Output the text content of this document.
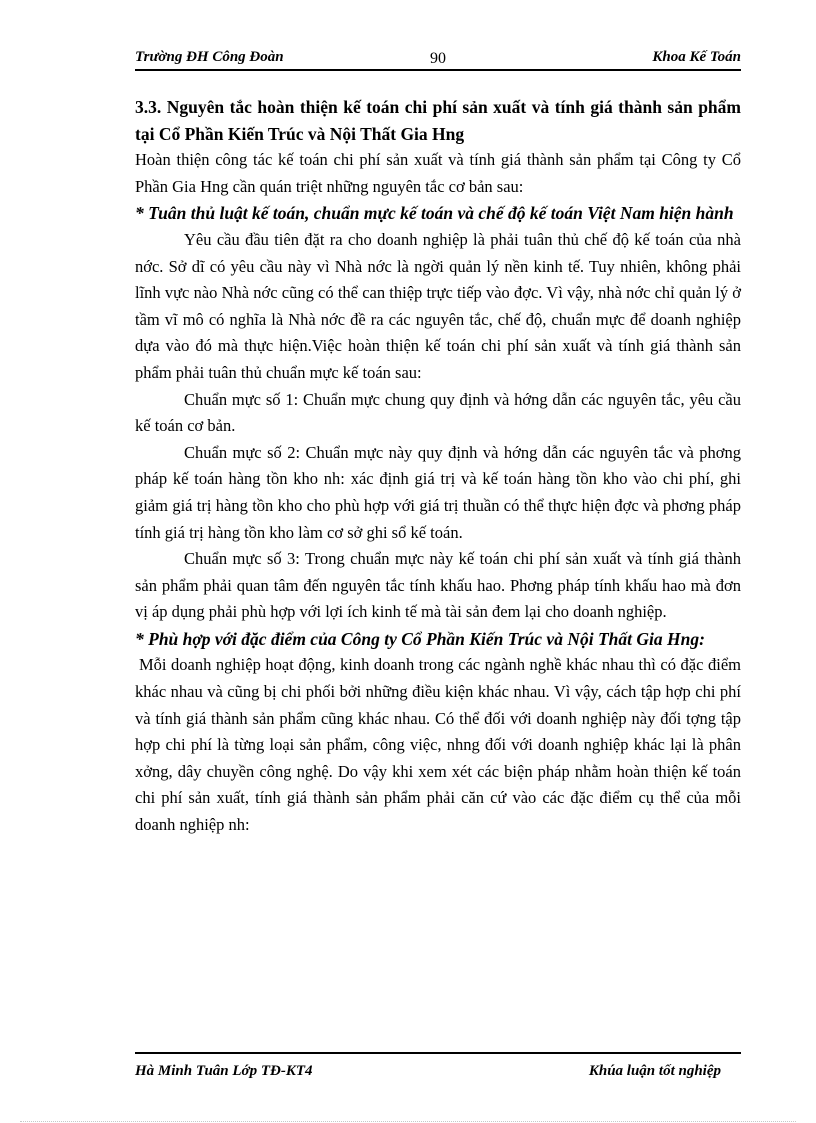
Trường ĐH Công Đoàn	90	Khoa Kế Toán

3.3. Nguyên tắc hoàn thiện kế toán chi phí sản xuất và tính giá thành sản phẩm tại Cổ Phần Kiến Trúc và Nội Thất Gia Hng

Hoàn thiện công tác kế toán chi phí sản xuất và tính giá thành sản phẩm tại Công ty Cổ Phần Gia Hng cần quán triệt những nguyên tắc cơ bản sau:

* Tuân thủ luật kế toán, chuẩn mực kế toán và chế độ kế toán Việt Nam hiện hành

Yêu cầu đầu tiên đặt ra cho doanh nghiệp là phải tuân thủ chế độ kế toán của nhà nớc. Sở dĩ có yêu cầu này vì Nhà nớc là ngời quản lý nền kinh tế. Tuy nhiên, không phải lĩnh vực nào Nhà nớc cũng có thể can thiệp trực tiếp vào đợc. Vì vậy, nhà nớc chỉ quản lý ở tầm vĩ mô có nghĩa là Nhà nớc đề ra các nguyên tắc, chế độ, chuẩn mực để doanh nghiệp dựa vào đó mà thực hiện.Việc hoàn thiện kế toán chi phí sản xuất và tính giá thành sản phẩm phải tuân thủ chuẩn mực kế toán sau:

Chuẩn mực số 1: Chuẩn mực chung quy định và hớng dẫn các nguyên tắc, yêu cầu kế toán cơ bản.

Chuẩn mực số 2: Chuẩn mực này quy định và hớng dẫn các nguyên tắc và phơng pháp kế toán hàng tồn kho nh: xác định giá trị và kế toán hàng tồn kho vào chi phí, ghi giảm giá trị hàng tồn kho cho phù hợp với giá trị thuần có thể thực hiện đợc và phơng pháp tính giá trị hàng tồn kho làm cơ sở ghi sổ kế toán.

Chuẩn mực số 3: Trong chuẩn mực này kế toán chi phí sản xuất và tính giá thành sản phẩm phải quan tâm đến nguyên tắc tính khấu hao. Phơng pháp tính khấu hao mà đơn vị áp dụng phải phù hợp với lợi ích kinh tế mà tài sản đem lại cho doanh nghiệp.

* Phù hợp với đặc điểm của Công ty Cổ Phần Kiến Trúc và Nội Thất Gia Hng:

Mỗi doanh nghiệp hoạt động, kinh doanh trong các ngành nghề khác nhau thì có đặc điểm khác nhau và cũng bị chi phối bởi những điều kiện khác nhau. Vì vậy, cách tập hợp chi phí và tính giá thành sản phẩm cũng khác nhau. Có thể đối với doanh nghiệp này đối tợng tập hợp chi phí là từng loại sản phẩm, công việc, nhng đối với doanh nghiệp khác lại là phân xởng, dây chuyền công nghệ. Do vậy khi xem xét các biện pháp nhằm hoàn thiện kế toán chi phí sản xuất, tính giá thành sản phẩm phải căn cứ vào các đặc điểm cụ thể của mỗi doanh nghiệp nh:

Hà Minh Tuân Lớp TĐ-KT4	Khúa luận tốt nghiệp
